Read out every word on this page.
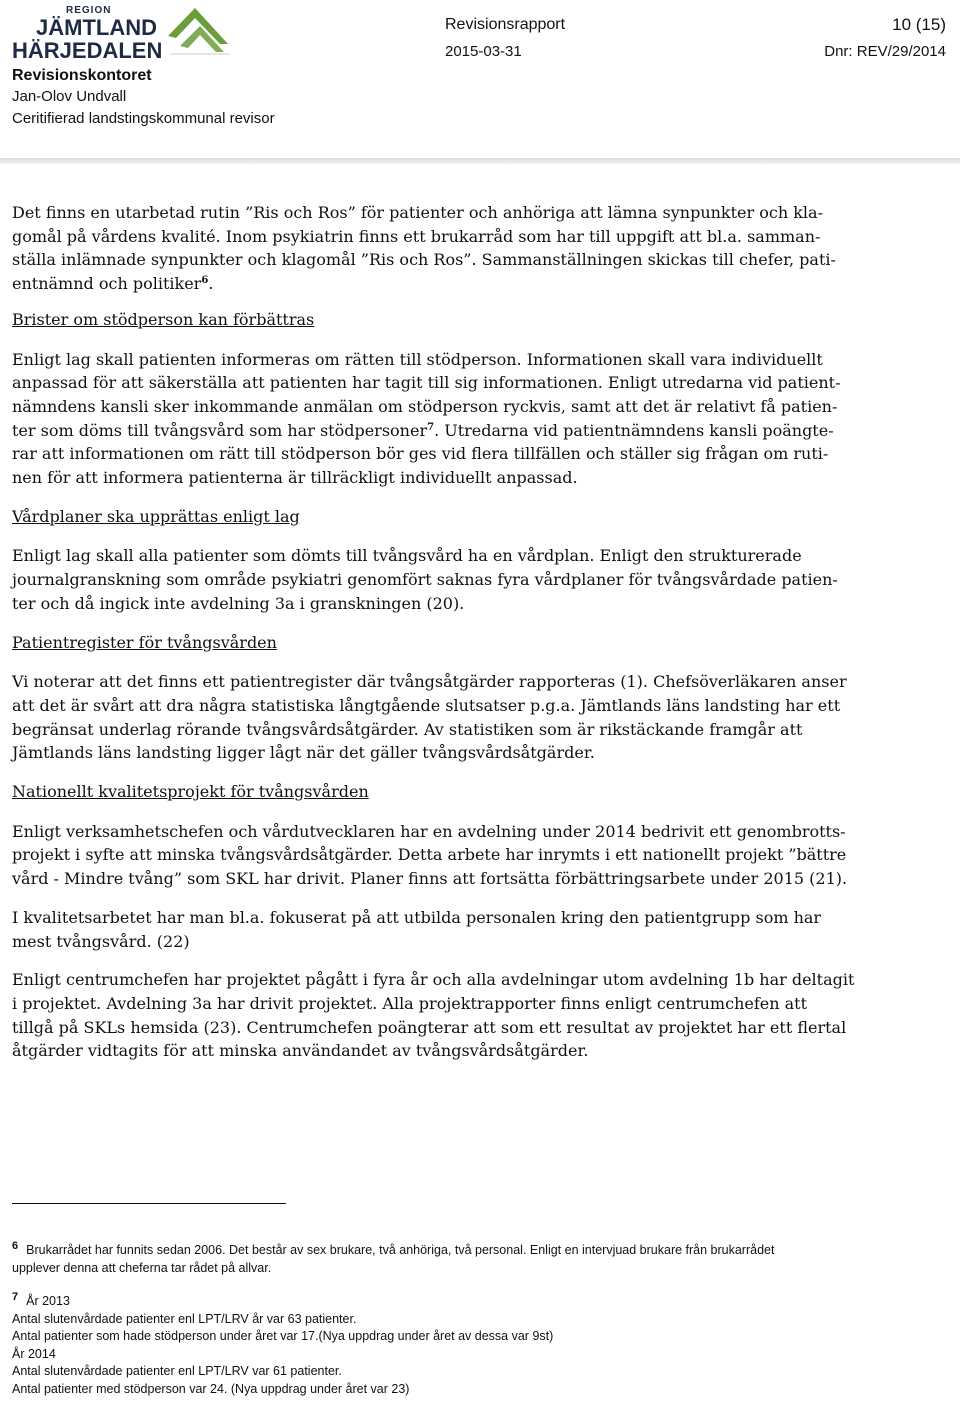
REGION
JÄMTLAND
HÄRJEDALEN
Revisionskontoret
Jan-Olov Undvall
Ceritifierad landstingskommunal revisor
Revisionsrapport
2015-03-31
10 (15)
Dnr: REV/29/2014

Det finns en utarbetad rutin ”Ris och Ros” för patienter och anhöriga att lämna synpunkter och kla-
gomål på vårdens kvalité. Inom psykiatrin finns ett brukarråd som har till uppgift att bl.a. samman-
ställa inlämnade synpunkter och klagomål ”Ris och Ros”. Sammanställningen skickas till chefer, pati-
entnämnd och politiker$^6$.

Brister om stödperson kan förbättras

Enligt lag skall patienten informeras om rätten till stödperson. Informationen skall vara individuellt
anpassad för att säkerställa att patienten har tagit till sig informationen. Enligt utredarna vid patient-
nämndens kansli sker inkommande anmälan om stödperson ryckvis, samt att det är relativt få patien-
ter som döms till tvångsvård som har stödpersoner$^7$. Utredarna vid patientnämndens kansli poängte-
rar att informationen om rätt till stödperson bör ges vid flera tillfällen och ställer sig frågan om ruti-
nen för att informera patienterna är tillräckligt individuellt anpassad.

Vårdplaner ska upprättas enligt lag

Enligt lag skall alla patienter som dömts till tvångsvård ha en vårdplan. Enligt den strukturerade
journalgranskning som område psykiatri genomfört saknas fyra vårdplaner för tvångsvårdade patien-
ter och då ingick inte avdelning 3a i granskningen (20).

Patientregister för tvångsvården

Vi noterar att det finns ett patientregister där tvångsåtgärder rapporteras (1). Chefsöverläkaren anser
att det är svårt att dra några statistiska långtgående slutsatser p.g.a. Jämtlands läns landsting har ett
begränsat underlag rörande tvångsvårdsåtgärder. Av statistiken som är rikstäckande framgår att
Jämtlands läns landsting ligger lågt när det gäller tvångsvårdsåtgärder.

Nationellt kvalitetsprojekt för tvångsvården

Enligt verksamhetschefen och vårdutvecklaren har en avdelning under 2014 bedrivit ett genombrotts-
projekt i syfte att minska tvångsvårdsåtgärder. Detta arbete har inrymts i ett nationellt projekt ”bättre
vård - Mindre tvång” som SKL har drivit. Planer finns att fortsätta förbättringsarbete under 2015 (21).

I kvalitetsarbetet har man bl.a. fokuserat på att utbilda personalen kring den patientgrupp som har
mest tvångsvård. (22)

Enligt centrumchefen har projektet pågått i fyra år och alla avdelningar utom avdelning 1b har deltagit
i projektet. Avdelning 3a har drivit projektet. Alla projektrapporter finns enligt centrumchefen att
tillgå på SKLs hemsida (23). Centrumchefen poängterar att som ett resultat av projektet har ett flertal
åtgärder vidtagits för att minska användandet av tvångsvårdsåtgärder.

6 Brukarrådet har funnits sedan 2006. Det består av sex brukare, två anhöriga, två personal. Enligt en intervjuad brukare från brukarrådet
upplever denna att cheferna tar rådet på allvar.
7 År 2013
Antal slutenvårdade patienter enl LPT/LRV år var 63 patienter.
Antal patienter som hade stödperson under året var 17.(Nya uppdrag under året av dessa var 9st)
År 2014
Antal slutenvårdade patienter enl LPT/LRV var 61 patienter.
Antal patienter med stödperson var 24. (Nya uppdrag under året var 23)
